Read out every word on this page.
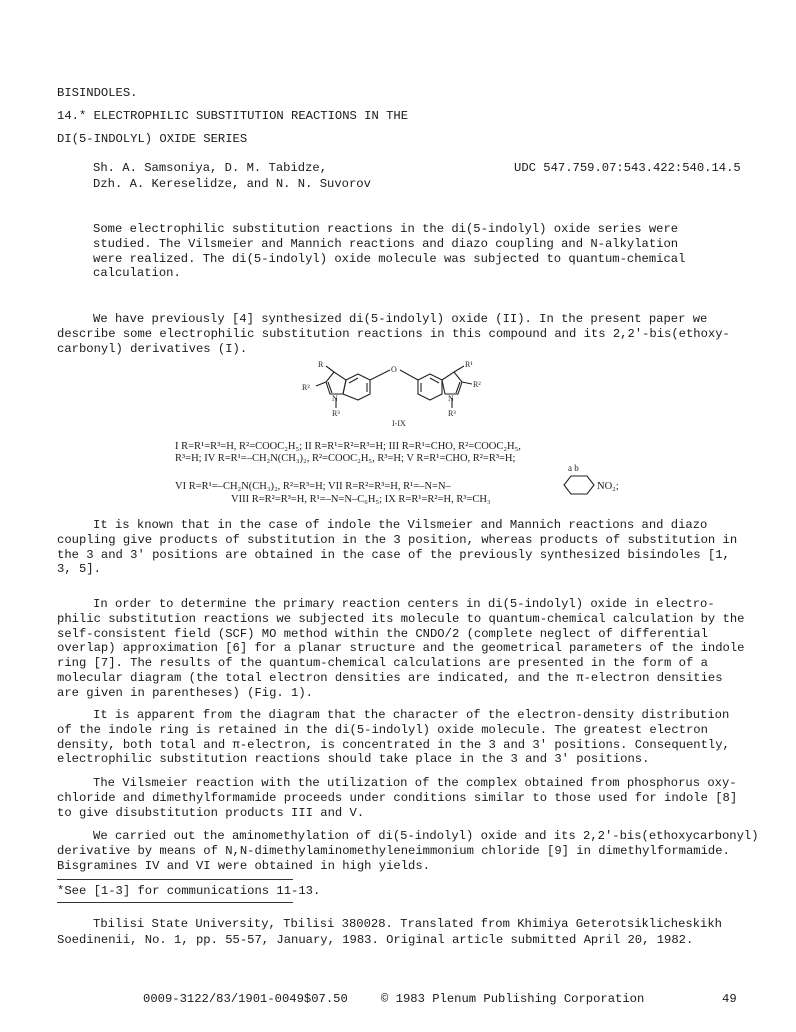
BISINDOLES.
14.* ELECTROPHILIC SUBSTITUTION REACTIONS IN THE
DI(5-INDOLYL) OXIDE SERIES
Sh. A. Samsoniya, D. M. Tabidze,
Dzh. A. Kereselidze, and N. N. Suvorov
UDC 547.759.07:543.422:540.14.5
Some electrophilic substitution reactions in the di(5-indolyl) oxide series were
studied. The Vilsmeier and Mannich reactions and diazo coupling and N-alkylation
were realized. The di(5-indolyl) oxide molecule was subjected to quantum-chemical
calculation.
We have previously [4] synthesized di(5-indolyl) oxide (II). In the present paper we
describe some electrophilic substitution reactions in this compound and its 2,2'-bis(ethoxy-
carbonyl) derivatives (I).
O
N	N
R
R²
R³
R¹
R²
R³
I-IX
I R=R¹=R³=H, R²=COOC₂H₅; II R=R¹=R²=R³=H; III R=R¹=CHO, R²=COOC₂H₅,
R³=H; IV R=R¹=–CH₂N(CH₃)₂, R²=COOC₂H₅, R³=H; V R=R¹=CHO, R²=R³=H;
a b
VI R=R¹=–CH₂N(CH₃)₂, R²=R³=H; VII R=R²=R³=H, R¹=–N=N–	NO₂;
VIII R=R²=R³=H, R¹=–N=N–C₆H₅; IX R=R¹=R²=H, R³=CH₃
It is known that in the case of indole the Vilsmeier and Mannich reactions and diazo
coupling give products of substitution in the 3 position, whereas products of substitution in
the 3 and 3' positions are obtained in the case of the previously synthesized bisindoles [1,
3, 5].
In order to determine the primary reaction centers in di(5-indolyl) oxide in electro-
philic substitution reactions we subjected its molecule to quantum-chemical calculation by the
self-consistent field (SCF) MO method within the CNDO/2 (complete neglect of differential
overlap) approximation [6] for a planar structure and the geometrical parameters of the indole
ring [7]. The results of the quantum-chemical calculations are presented in the form of a
molecular diagram (the total electron densities are indicated, and the π-electron densities
are given in parentheses) (Fig. 1).
It is apparent from the diagram that the character of the electron-density distribution
of the indole ring is retained in the di(5-indolyl) oxide molecule. The greatest electron
density, both total and π-electron, is concentrated in the 3 and 3' positions. Consequently,
electrophilic substitution reactions should take place in the 3 and 3' positions.
The Vilsmeier reaction with the utilization of the complex obtained from phosphorus oxy-
chloride and dimethylformamide proceeds under conditions similar to those used for indole [8]
to give disubstitution products III and V.
We carried out the aminomethylation of di(5-indolyl) oxide and its 2,2'-bis(ethoxycarbonyl)
derivative by means of N,N-dimethylaminomethyleneimmonium chloride [9] in dimethylformamide.
Bisgramines IV and VI were obtained in high yields.
*See [1-3] for communications 11-13.
Tbilisi State University, Tbilisi 380028. Translated from Khimiya Geterotsiklicheskikh
Soedinenii, No. 1, pp. 55-57, January, 1983. Original article submitted April 20, 1982.
0009-3122/83/1901-0049$07.50	© 1983 Plenum Publishing Corporation	49
